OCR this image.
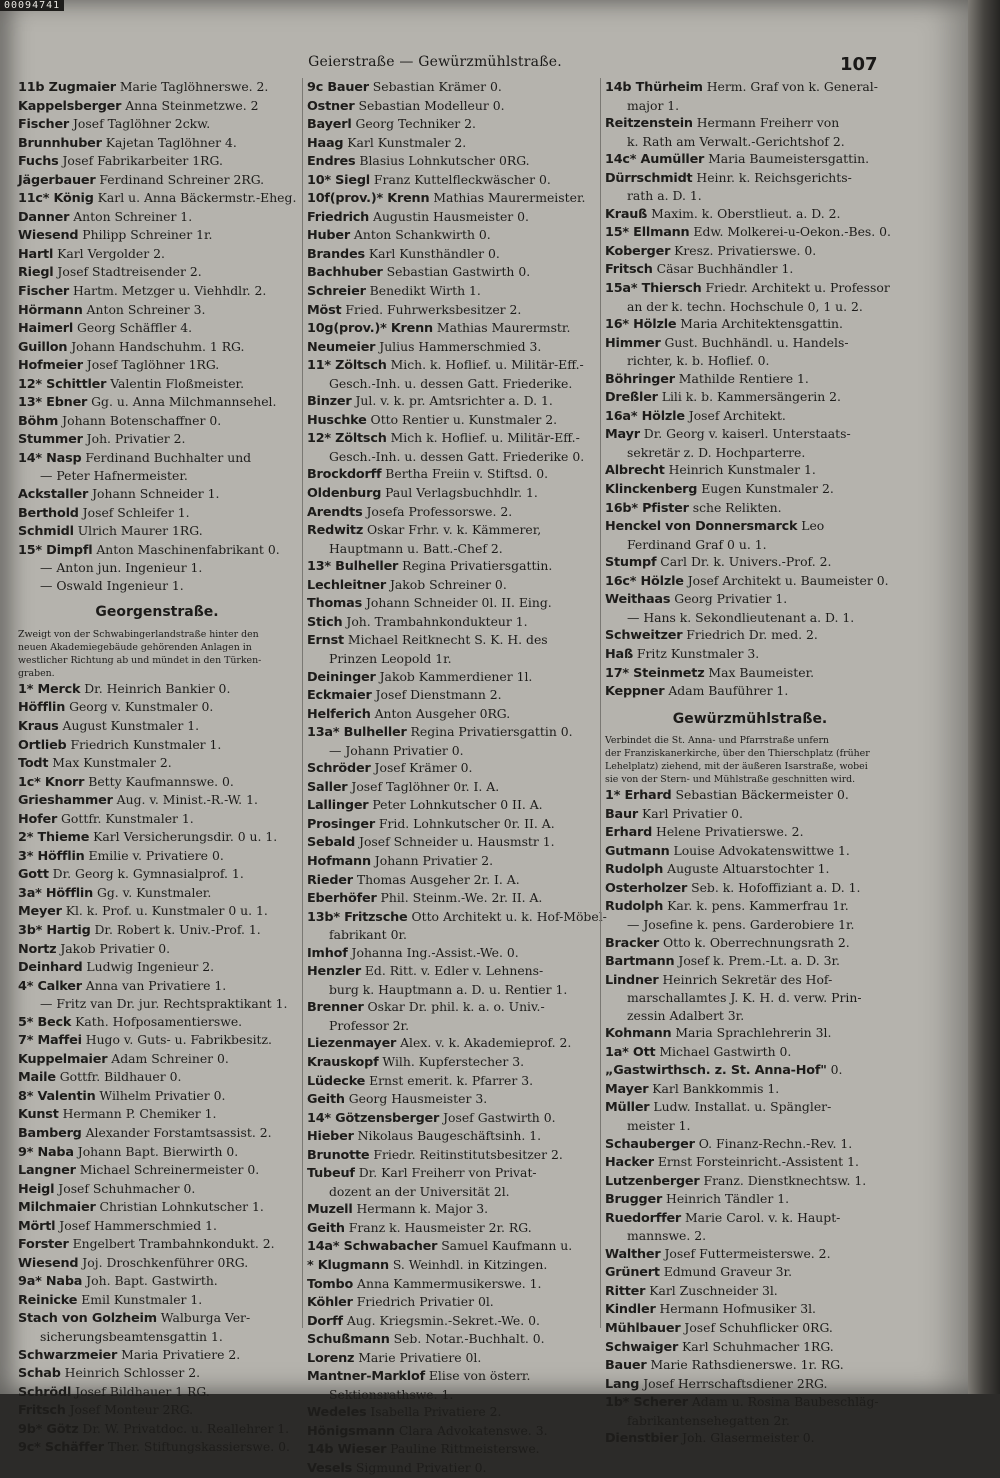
00094741
Geierstraße — Gewürzmühlstraße.	107
11b Zugmaier Marie Taglöhnerswe. 2.
Kappelsberger Anna Steinmetzwe. 2
Fischer Josef Taglöhner 2ckw.
Brunnhuber Kajetan Taglöhner 4.
Fuchs Josef Fabrikarbeiter 1RG.
Jägerbauer Ferdinand Schreiner 2RG.
11c* König Karl u. Anna Bäckermstr.-Eheg.
Danner Anton Schreiner 1.
Wiesend Philipp Schreiner 1r.
Hartl Karl Vergolder 2.
Riegl Josef Stadtreisender 2.
Fischer Hartm. Metzger u. Viehhdlr. 2.
Hörmann Anton Schreiner 3.
Haimerl Georg Schäffler 4.
Guillon Johann Handschuhm. 1 RG.
Hofmeier Josef Taglöhner 1RG.
12* Schittler Valentin Floßmeister.
13* Ebner Gg. u. Anna Milchmannsehel.
Böhm Johann Botenschaffner 0.
Stummer Joh. Privatier 2.
14* Nasp Ferdinand Buchhalter und
— Peter Hafnermeister.
Ackstaller Johann Schneider 1.
Berthold Josef Schleifer 1.
Schmidl Ulrich Maurer 1RG.
15* Dimpfl Anton Maschinenfabrikant 0.
— Anton jun. Ingenieur 1.
— Oswald Ingenieur 1.
Georgenstraße.
Zweigt von der Schwabingerlandstraße hinter den
neuen Akademiegebäude gehörenden Anlagen in
westlicher Richtung ab und mündet in den Türken-
graben.
1* Merck Dr. Heinrich Bankier 0.
Höfflin Georg v. Kunstmaler 0.
Kraus August Kunstmaler 1.
Ortlieb Friedrich Kunstmaler 1.
Todt Max Kunstmaler 2.
1c* Knorr Betty Kaufmannswe. 0.
Grieshammer Aug. v. Minist.-R.-W. 1.
Hofer Gottfr. Kunstmaler 1.
2* Thieme Karl Versicherungsdir. 0 u. 1.
3* Höfflin Emilie v. Privatiere 0.
Gott Dr. Georg k. Gymnasialprof. 1.
3a* Höfflin Gg. v. Kunstmaler.
Meyer Kl. k. Prof. u. Kunstmaler 0 u. 1.
3b* Hartig Dr. Robert k. Univ.-Prof. 1.
Nortz Jakob Privatier 0.
Deinhard Ludwig Ingenieur 2.
4* Calker Anna van Privatiere 1.
— Fritz van Dr. jur. Rechtspraktikant 1.
5* Beck Kath. Hofposamentierswe.
7* Maffei Hugo v. Guts- u. Fabrikbesitz.
Kuppelmaier Adam Schreiner 0.
Maile Gottfr. Bildhauer 0.
8* Valentin Wilhelm Privatier 0.
Kunst Hermann P. Chemiker 1.
Bamberg Alexander Forstamtsassist. 2.
9* Naba Johann Bapt. Bierwirth 0.
Langner Michael Schreinermeister 0.
Heigl Josef Schuhmacher 0.
Milchmaier Christian Lohnkutscher 1.
Mörtl Josef Hammerschmied 1.
Forster Engelbert Trambahnkondukt. 2.
Wiesend Joj. Droschkenführer 0RG.
9a* Naba Joh. Bapt. Gastwirth.
Reinicke Emil Kunstmaler 1.
Stach von Golzheim Walburga Ver-
sicherungsbeamtensgattin 1.
Schwarzmeier Maria Privatiere 2.
Schab Heinrich Schlosser 2.
Schrödl Josef Bildhauer 1 RG.
Fritsch Josef Monteur 2RG.
9b* Götz Dr. W. Privatdoc. u. Reallehrer 1.
9c* Schäffer Ther. Stiftungskassierswe. 0.
9c Bauer Sebastian Krämer 0.
Ostner Sebastian Modelleur 0.
Bayerl Georg Techniker 2.
Haag Karl Kunstmaler 2.
Endres Blasius Lohnkutscher 0RG.
10* Siegl Franz Kuttelfleckwäscher 0.
10f(prov.)* Krenn Mathias Maurermeister.
Friedrich Augustin Hausmeister 0.
Huber Anton Schankwirth 0.
Brandes Karl Kunsthändler 0.
Bachhuber Sebastian Gastwirth 0.
Schreier Benedikt Wirth 1.
Möst Fried. Fuhrwerksbesitzer 2.
10g(prov.)* Krenn Mathias Maurermstr.
Neumeier Julius Hammerschmied 3.
11* Zöltsch Mich. k. Hoflief. u. Militär-Eff.-
Gesch.-Inh. u. dessen Gatt. Friederike.
Binzer Jul. v. k. pr. Amtsrichter a. D. 1.
Huschke Otto Rentier u. Kunstmaler 2.
12* Zöltsch Mich k. Hoflief. u. Militär-Eff.-
Gesch.-Inh. u. dessen Gatt. Friederike 0.
Brockdorff Bertha Freiin v. Stiftsd. 0.
Oldenburg Paul Verlagsbuchhdlr. 1.
Arendts Josefa Professorswe. 2.
Redwitz Oskar Frhr. v. k. Kämmerer,
Hauptmann u. Batt.-Chef 2.
13* Bulheller Regina Privatiersgattin.
Lechleitner Jakob Schreiner 0.
Thomas Johann Schneider 0l. II. Eing.
Stich Joh. Trambahnkondukteur 1.
Ernst Michael Reitknecht S. K. H. des
Prinzen Leopold 1r.
Deininger Jakob Kammerdiener 1l.
Eckmaier Josef Dienstmann 2.
Helferich Anton Ausgeher 0RG.
13a* Bulheller Regina Privatiersgattin 0.
— Johann Privatier 0.
Schröder Josef Krämer 0.
Saller Josef Taglöhner 0r. I. A.
Lallinger Peter Lohnkutscher 0 II. A.
Prosinger Frid. Lohnkutscher 0r. II. A.
Sebald Josef Schneider u. Hausmstr 1.
Hofmann Johann Privatier 2.
Rieder Thomas Ausgeher 2r. I. A.
Eberhöfer Phil. Steinm.-We. 2r. II. A.
13b* Fritzsche Otto Architekt u. k. Hof-Möbel-
fabrikant 0r.
Imhof Johanna Ing.-Assist.-We. 0.
Henzler Ed. Ritt. v. Edler v. Lehnens-
burg k. Hauptmann a. D. u. Rentier 1.
Brenner Oskar Dr. phil. k. a. o. Univ.-
Professor 2r.
Liezenmayer Alex. v. k. Akademieprof. 2.
Krauskopf Wilh. Kupferstecher 3.
Lüdecke Ernst emerit. k. Pfarrer 3.
Geith Georg Hausmeister 3.
14* Götzensberger Josef Gastwirth 0.
Hieber Nikolaus Baugeschäftsinh. 1.
Brunotte Friedr. Reitinstitutsbesitzer 2.
Tubeuf Dr. Karl Freiherr von Privat-
dozent an der Universität 2l.
Muzell Hermann k. Major 3.
Geith Franz k. Hausmeister 2r. RG.
14a* Schwabacher Samuel Kaufmann u.
* Klugmann S. Weinhdl. in Kitzingen.
Tombo Anna Kammermusikerswe. 1.
Köhler Friedrich Privatier 0l.
Dorff Aug. Kriegsmin.-Sekret.-We. 0.
Schußmann Seb. Notar.-Buchhalt. 0.
Lorenz Marie Privatiere 0l.
Mantner-Marklof Elise von österr.
Sektionsrathswe. 1.
Wedeles Isabella Privatiere 2.
Hönigsmann Clara Advokatenswe. 3.
14b Wieser Pauline Rittmeisterswe.
Vesels Sigmund Privatier 0.
14b Thürheim Herm. Graf von k. General-
major 1.
Reitzenstein Hermann Freiherr von
k. Rath am Verwalt.-Gerichtshof 2.
14c* Aumüller Maria Baumeistersgattin.
Dürrschmidt Heinr. k. Reichsgerichts-
rath a. D. 1.
Krauß Maxim. k. Oberstlieut. a. D. 2.
15* Ellmann Edw. Molkerei-u-Oekon.-Bes. 0.
Koberger Kresz. Privatierswe. 0.
Fritsch Cäsar Buchhändler 1.
15a* Thiersch Friedr. Architekt u. Professor
an der k. techn. Hochschule 0, 1 u. 2.
16* Hölzle Maria Architektensgattin.
Himmer Gust. Buchhändl. u. Handels-
richter, k. b. Hoflief. 0.
Böhringer Mathilde Rentiere 1.
Dreßler Lili k. b. Kammersängerin 2.
16a* Hölzle Josef Architekt.
Mayr Dr. Georg v. kaiserl. Unterstaats-
sekretär z. D. Hochparterre.
Albrecht Heinrich Kunstmaler 1.
Klinckenberg Eugen Kunstmaler 2.
16b* Pfister sche Relikten.
Henckel von Donnersmarck Leo
Ferdinand Graf 0 u. 1.
Stumpf Carl Dr. k. Univers.-Prof. 2.
16c* Hölzle Josef Architekt u. Baumeister 0.
Weithaas Georg Privatier 1.
— Hans k. Sekondlieutenant a. D. 1.
Schweitzer Friedrich Dr. med. 2.
Haß Fritz Kunstmaler 3.
17* Steinmetz Max Baumeister.
Keppner Adam Bauführer 1.
Gewürzmühlstraße.
Verbindet die St. Anna- und Pfarrstraße unfern
der Franziskanerkirche, über den Thierschplatz (früher
Lehelplatz) ziehend, mit der äußeren Isarstraße, wobei
sie von der Stern- und Mühlstraße geschnitten wird.
1* Erhard Sebastian Bäckermeister 0.
Baur Karl Privatier 0.
Erhard Helene Privatierswe. 2.
Gutmann Louise Advokatenswittwe 1.
Rudolph Auguste Altuarstochter 1.
Osterholzer Seb. k. Hofoffiziant a. D. 1.
Rudolph Kar. k. pens. Kammerfrau 1r.
— Josefine k. pens. Garderobiere 1r.
Bracker Otto k. Oberrechnungsrath 2.
Bartmann Josef k. Prem.-Lt. a. D. 3r.
Lindner Heinrich Sekretär des Hof-
marschallamtes J. K. H. d. verw. Prin-
zessin Adalbert 3r.
Kohmann Maria Sprachlehrerin 3l.
1a* Ott Michael Gastwirth 0.
„Gastwirthsch. z. St. Anna-Hof" 0.
Mayer Karl Bankkommis 1.
Müller Ludw. Installat. u. Spängler-
meister 1.
Schauberger O. Finanz-Rechn.-Rev. 1.
Hacker Ernst Forsteinricht.-Assistent 1.
Lutzenberger Franz. Dienstknechtsw. 1.
Brugger Heinrich Tändler 1.
Ruedorffer Marie Carol. v. k. Haupt-
mannswe. 2.
Walther Josef Futtermeisterswe. 2.
Grünert Edmund Graveur 3r.
Ritter Karl Zuschneider 3l.
Kindler Hermann Hofmusiker 3l.
Mühlbauer Josef Schuhflicker 0RG.
Schwaiger Karl Schuhmacher 1RG.
Bauer Marie Rathsdienerswe. 1r. RG.
Lang Josef Herrschaftsdiener 2RG.
1b* Scherer Adam u. Rosina Baubeschläg-
fabrikantensehegatten 2r.
Dienstbier Joh. Glasermeister 0.
